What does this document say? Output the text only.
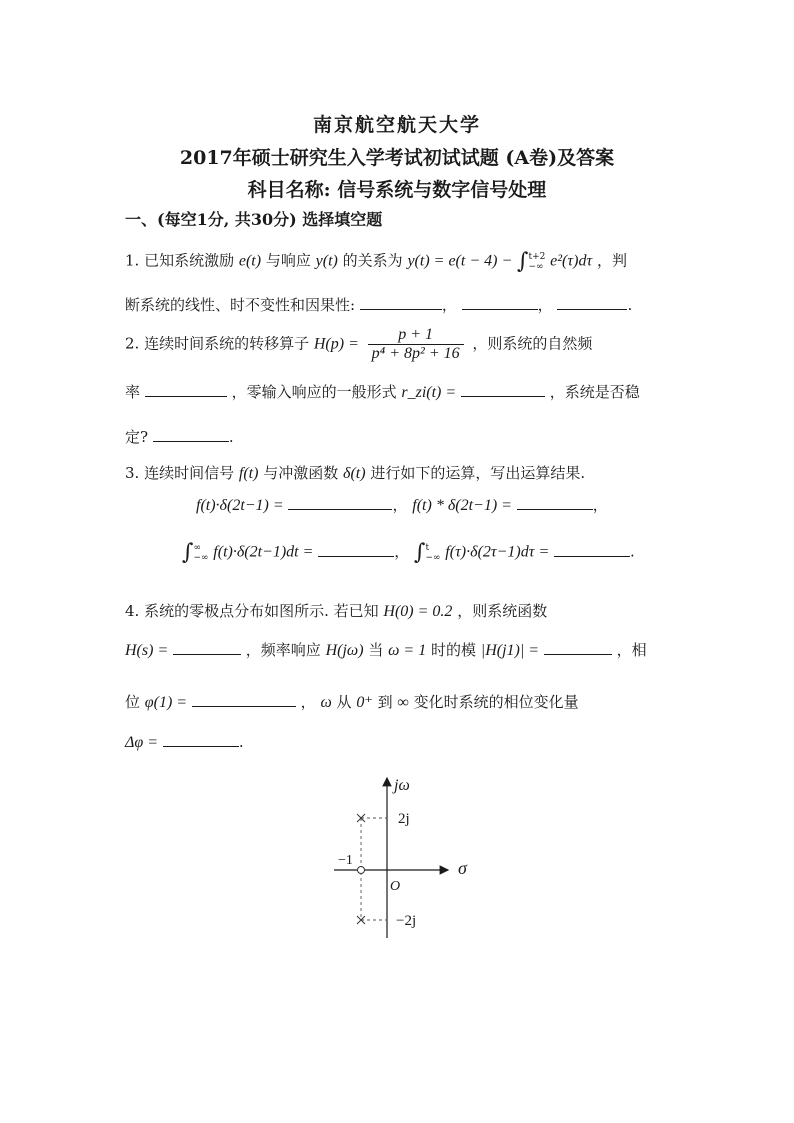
南京航空航天大学
2017年硕士研究生入学考试初试试题 (A卷)及答案
科目名称: 信号系统与数字信号处理
一、(每空1分, 共30分) 选择填空题
1. 已知系统激励 e(t) 与响应 y(t) 的关系为 y(t) = e(t − 4) − ∫t+2
−∞ e²(τ)dτ ，判
断系统的线性、时不变性和因果性:	，	，	.
2. 连续时间系统的转移算子 $H(p) = \frac{p + 1}{\text{p⁴ + 8p² + 16}}$ ，则系统的自然频
率	，零输入响应的一般形式 r_zi(t) =	，系统是否稳
定?	.
3. 连续时间信号 f(t) 与冲激函数 δ(t) 进行如下的运算，写出运算结果.
f(t)·δ(2t−1) =	， f(t) * δ(2t−1) =	，
∫∞
−∞ f(t)·δ(2t−1)dt =	， ∫t
−∞ f(τ)·δ(2τ−1)dτ =	.
4. 系统的零极点分布如图所示. 若已知 H(0) = 0.2 ，则系统函数
H(s) =	，频率响应 H(jω) 当 ω = 1 时的模 |H(j1)| =	，相
位 φ(1) =	， ω 从 0⁺ 到 ∞ 变化时系统的相位变化量
Δφ =	.
jω
σ
O
−1
2j
−2j
